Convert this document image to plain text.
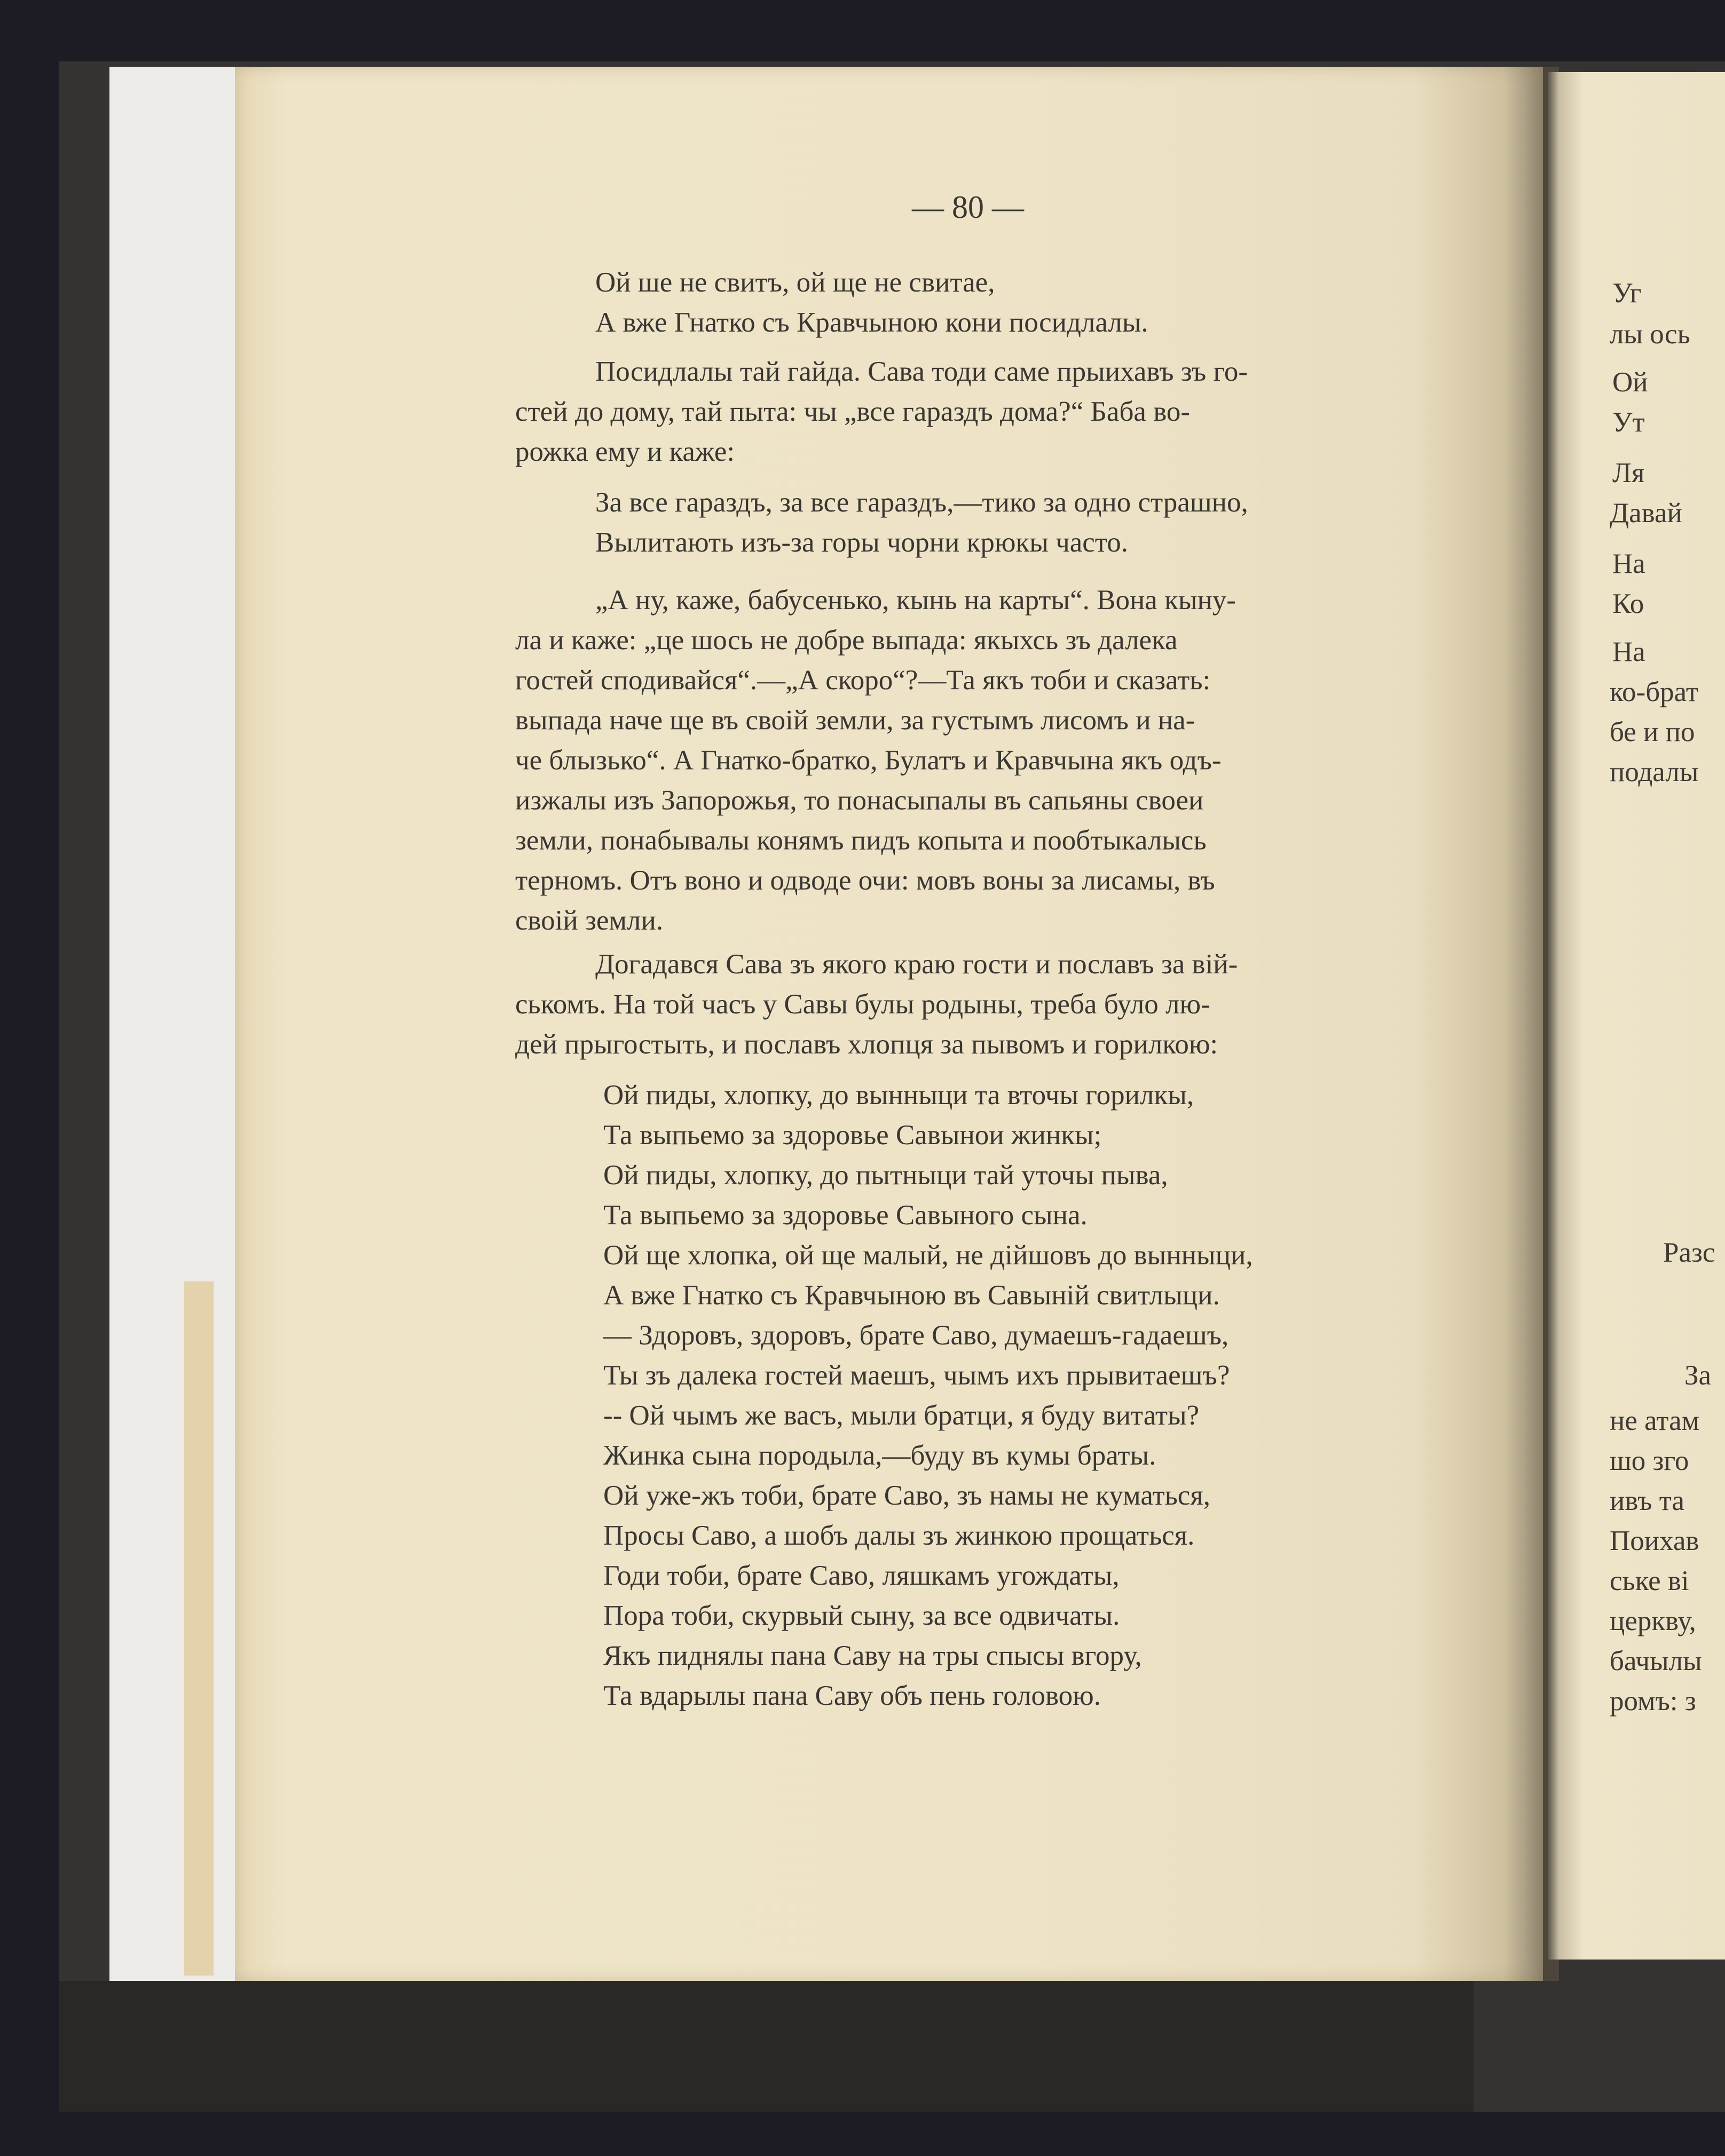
— 80 —
Ой ше не свитъ, ой ще не свитае,
А вже Гнатко съ Кравчыною кони посидлалы.
Посидлалы тай гайда. Сава тоди саме прыихавъ зъ го-
стей до дому, тай пыта: чы „все гараздъ дома?“ Баба во-
рожка ему и каже:
За все гараздъ, за все гараздъ,—тико за одно страшно,
Вылитають изъ-за горы чорни крюкы часто.
„А ну, каже, бабусенько, кынь на карты“. Вона кыну-
ла и каже: „це шось не добре выпада: якыхсь зъ далека
гостей сподивайся“.—„А скоро“?—Та якъ тоби и сказать:
выпада наче ще въ своій земли, за густымъ лисомъ и на-
че блызько“. А Гнатко-братко, Булатъ и Кравчына якъ одъ-
изжалы изъ Запорожья, то понасыпалы въ сапьяны своеи
земли, понабывалы конямъ пидъ копыта и пообтыкалысь
терномъ. Отъ воно и одводе очи: мовъ воны за лисамы, въ
своій земли.
Догадався Сава зъ якого краю гости и пославъ за вій-
ськомъ. На той часъ у Савы булы родыны, треба було лю-
дей прыгостыть, и пославъ хлопця за пывомъ и горилкою:
Ой пиды, хлопку, до вынныци та вточы горилкы,
Та выпьемо за здоровье Савынои жинкы;
Ой пиды, хлопку, до пытныци тай уточы пыва,
Та выпьемо за здоровье Савыного сына.
Ой ще хлопка, ой ще малый, не дійшовъ до вынныци,
А вже Гнатко съ Кравчыною въ Савыній свитлыци.
— Здоровъ, здоровъ, брате Саво, думаешъ-гадаешъ,
Ты зъ далека гостей маешъ, чымъ ихъ прывитаешъ?
-- Ой чымъ же васъ, мыли братци, я буду витаты?
Жинка сына породыла,—буду въ кумы браты.
Ой уже-жъ тоби, брате Саво, зъ намы не куматься,
Просы Саво, а шобъ далы зъ жинкою прощаться.
Годи тоби, брате Саво, ляшкамъ угождаты,
Пора тоби, скурвый сыну, за все одвичаты.
Якъ пиднялы пана Саву на тры спысы вгору,
Та вдарылы пана Саву объ пень головою.
Уг
лы ось
Ой
Ут
Ля
Давай
На
Ко
На
ко-брат
бе и по
подалы
Разс
За
не атам
шо зго
ивъ та
Поихав
ське ві
церкву,
бачылы
ромъ: з
